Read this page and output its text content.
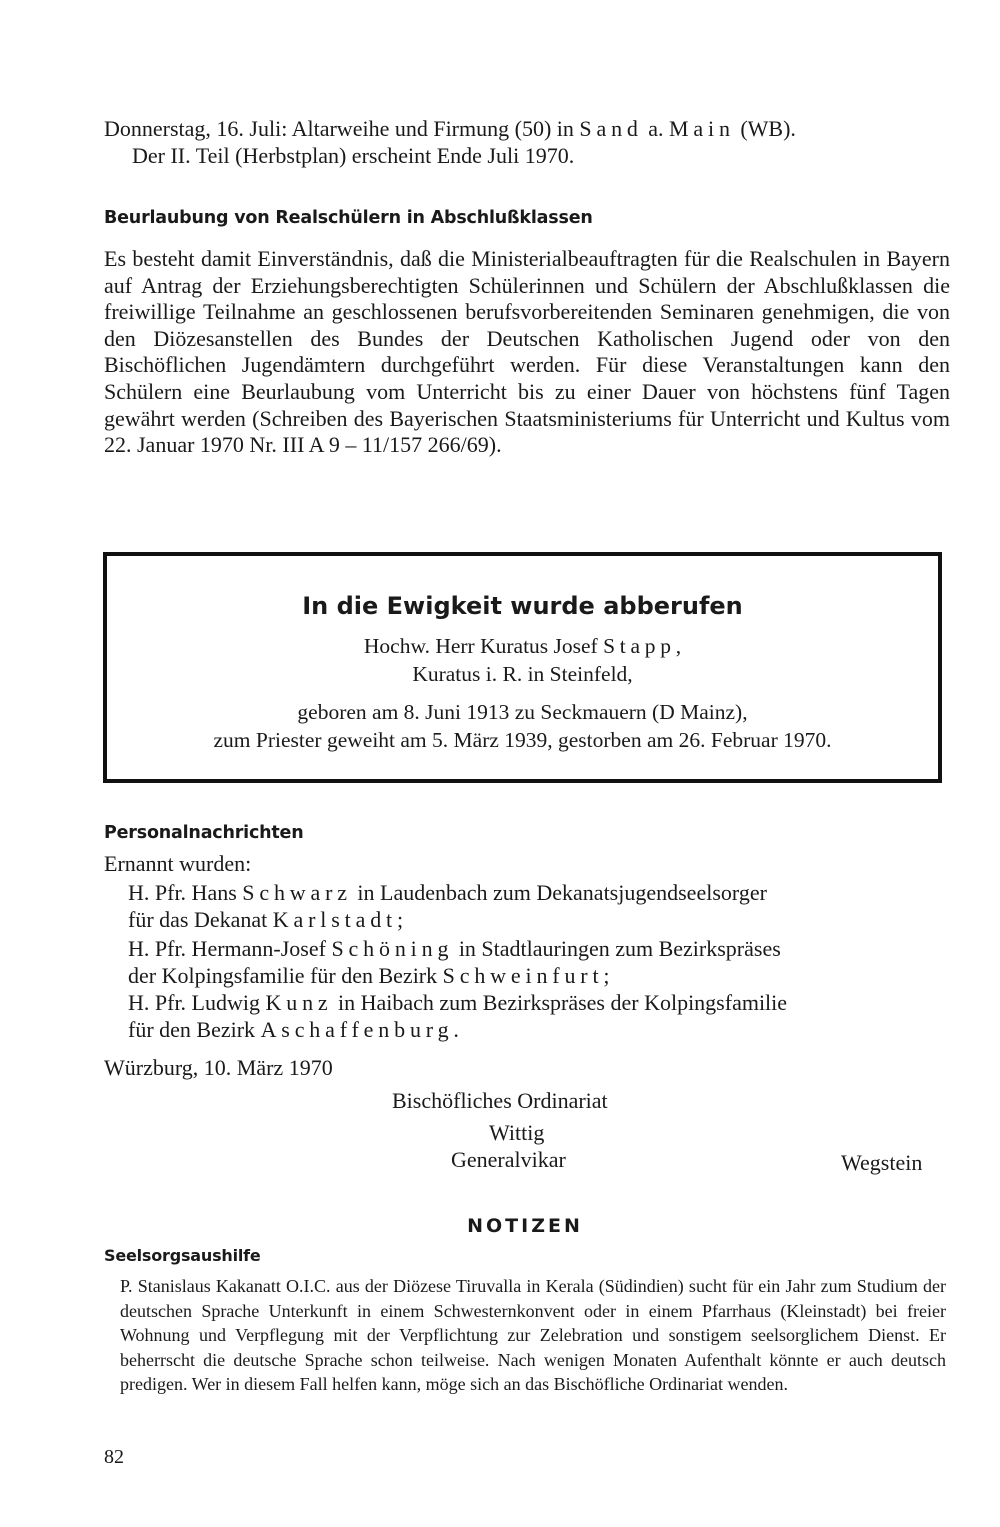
Donnerstag, 16. Juli: Altarweihe und Firmung (50) in Sand a. Main (WB).
Der II. Teil (Herbstplan) erscheint Ende Juli 1970.
Beurlaubung von Realschülern in Abschlußklassen

Es besteht damit Einverständnis, daß die Ministerialbeauftragten für die Realschulen in Bayern auf Antrag der Erziehungsberechtigten Schülerinnen und Schülern der Abschlußklassen die freiwillige Teilnahme an geschlossenen berufsvorbereitenden Seminaren genehmigen, die von den Diözesanstellen des Bundes der Deutschen Katholischen Jugend oder von den Bischöflichen Jugendämtern durchgeführt werden. Für diese Veranstaltungen kann den Schülern eine Beurlaubung vom Unterricht bis zu einer Dauer von höchstens fünf Tagen gewährt werden (Schreiben des Bayerischen Staatsministeriums für Unterricht und Kultus vom 22. Januar 1970 Nr. III A 9 – 11/157 266/69).

In die Ewigkeit wurde abberufen
Hochw. Herr Kuratus Josef Stapp,
Kuratus i. R. in Steinfeld,
geboren am 8. Juni 1913 zu Seckmauern (D Mainz),
zum Priester geweiht am 5. März 1939, gestorben am 26. Februar 1970.
Personalnachrichten
Ernannt wurden:
H. Pfr. Hans Schwarz in Laudenbach zum Dekanatsjugendseelsorger
für das Dekanat Karlstadt;
H. Pfr. Hermann-Josef Schöning in Stadtlauringen zum Bezirkspräses
der Kolpingsfamilie für den Bezirk Schweinfurt;
H. Pfr. Ludwig Kunz in Haibach zum Bezirkspräses der Kolpingsfamilie
für den Bezirk Aschaffenburg.
Würzburg, 10. März 1970
Bischöfliches Ordinariat
Wittig
Generalvikar	Wegstein
NOTIZEN
Seelsorgsaushilfe

P. Stanislaus Kakanatt O.I.C. aus der Diözese Tiruvalla in Kerala (Südindien) sucht für ein Jahr zum Studium der deutschen Sprache Unterkunft in einem Schwesternkonvent oder in einem Pfarrhaus (Kleinstadt) bei freier Wohnung und Verpflegung mit der Verpflichtung zur Zelebration und sonstigem seelsorglichem Dienst. Er beherrscht die deutsche Sprache schon teilweise. Nach wenigen Monaten Aufenthalt könnte er auch deutsch predigen. Wer in diesem Fall helfen kann, möge sich an das Bischöfliche Ordinariat wenden.

82
